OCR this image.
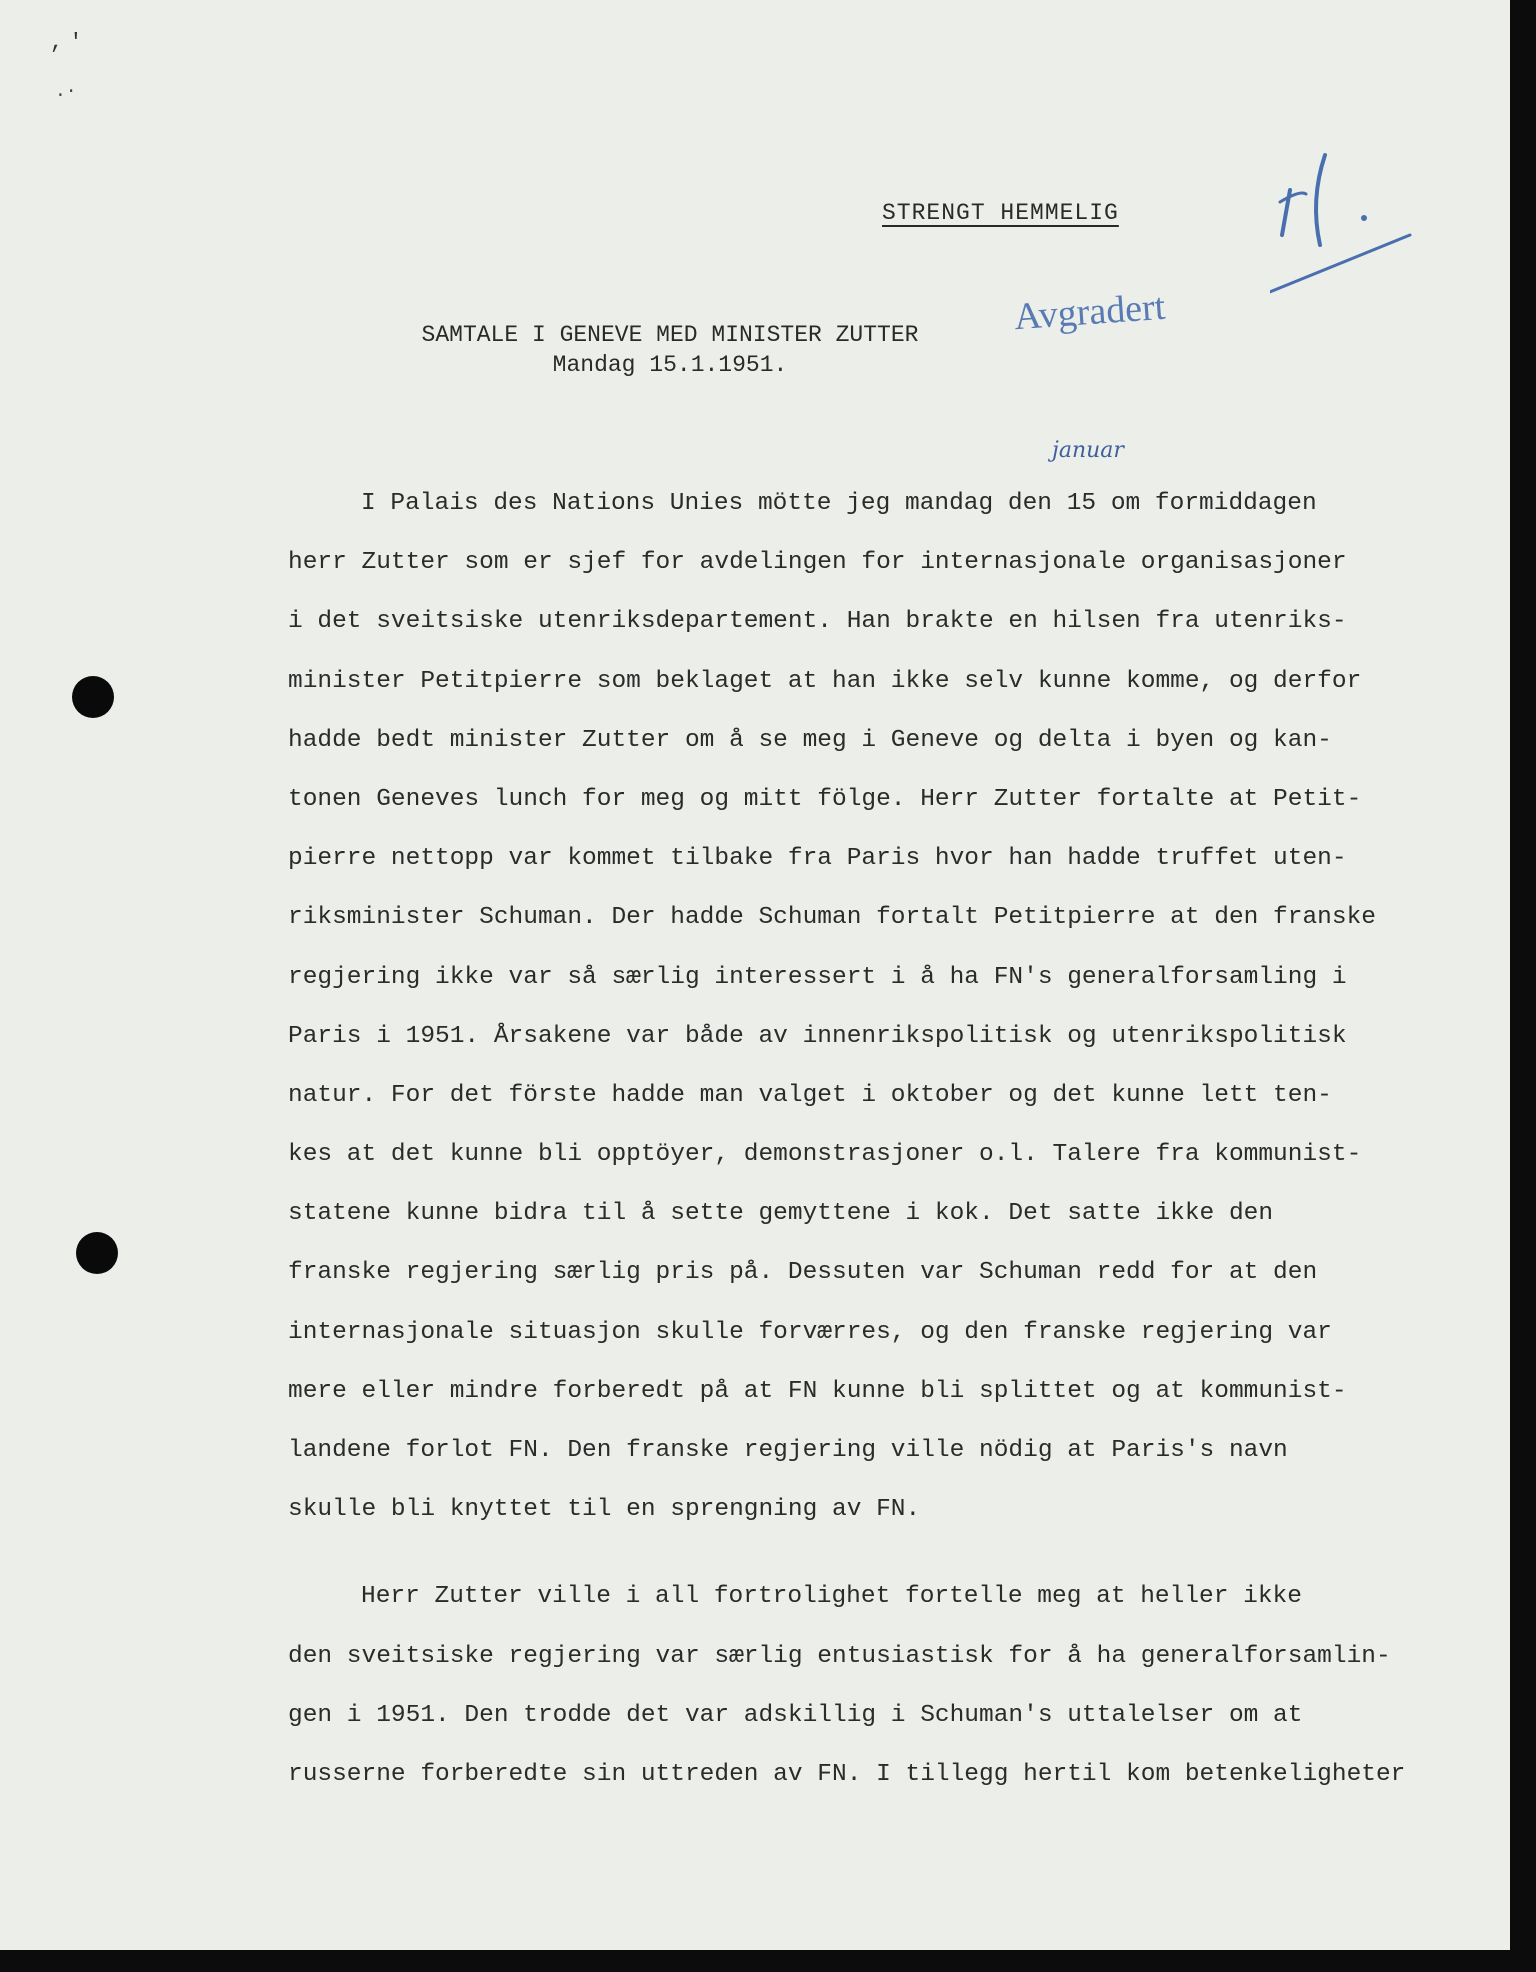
,'
.·
STRENGT HEMMELIG
Avgradert
SAMTALE I GENEVE MED MINISTER ZUTTER
Mandag 15.1.1951.
januar
I Palais des Nations Unies mötte jeg mandag den 15 om formiddagen
herr Zutter som er sjef for avdelingen for internasjonale organisasjoner
i det sveitsiske utenriksdepartement. Han brakte en hilsen fra utenriks-
minister Petitpierre som beklaget at han ikke selv kunne komme, og derfor
hadde bedt minister Zutter om å se meg i Geneve og delta i byen og kan-
tonen Geneves lunch for meg og mitt fölge. Herr Zutter fortalte at Petit-
pierre nettopp var kommet tilbake fra Paris hvor han hadde truffet uten-
riksminister Schuman. Der hadde Schuman fortalt Petitpierre at den franske
regjering ikke var så særlig interessert i å ha FN's generalforsamling i
Paris i 1951. Årsakene var både av innenrikspolitisk og utenrikspolitisk
natur. For det förste hadde man valget i oktober og det kunne lett ten-
kes at det kunne bli opptöyer, demonstrasjoner o.l. Talere fra kommunist-
statene kunne bidra til å sette gemyttene i kok. Det satte ikke den
franske regjering særlig pris på. Dessuten var Schuman redd for at den
internasjonale situasjon skulle forværres, og den franske regjering var
mere eller mindre forberedt på at FN kunne bli splittet og at kommunist-
landene forlot FN. Den franske regjering ville nödig at Paris's navn
skulle bli knyttet til en sprengning av FN.
Herr Zutter ville i all fortrolighet fortelle meg at heller ikke
den sveitsiske regjering var særlig entusiastisk for å ha generalforsamlin-
gen i 1951. Den trodde det var adskillig i Schuman's uttalelser om at
russerne forberedte sin uttreden av FN. I tillegg hertil kom betenkeligheter
